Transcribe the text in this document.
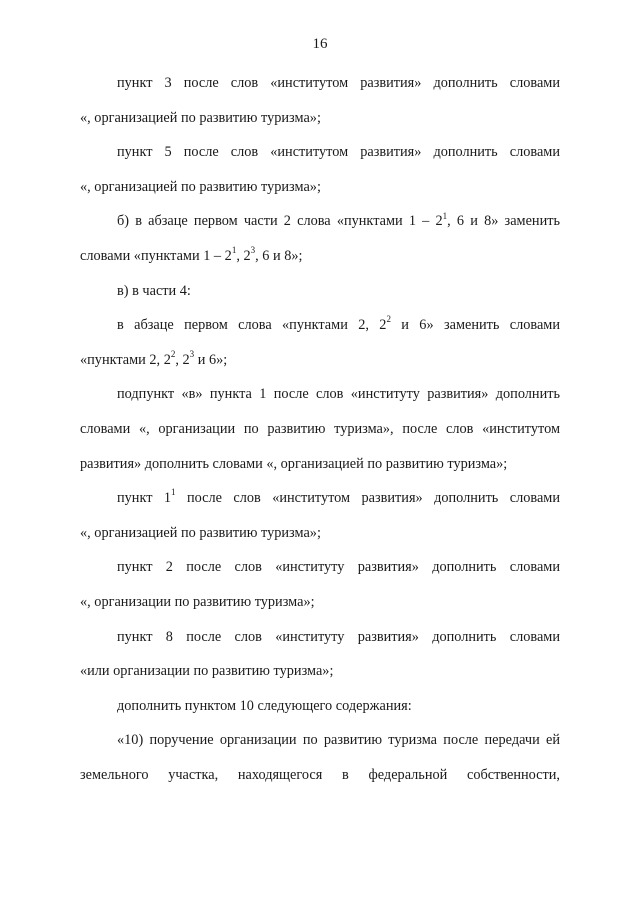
16

пункт 3 после слов «институтом развития» дополнить словами
«, организацией по развитию туризма»;

пункт 5 после слов «институтом развития» дополнить словами
«, организацией по развитию туризма»;

б) в абзаце первом части 2 слова «пунктами $1 - 2^1$, 6 и 8» заменить
словами «пунктами $1 - 2^1$, $2^3$, 6 и 8»;

в) в части 4:

в абзаце первом слова «пунктами 2, $2^2$ и 6» заменить словами
«пунктами 2, $2^2$, $2^3$ и 6»;

подпункт «в» пункта 1 после слов «институту развития» дополнить
словами «, организации по развитию туризма», после слов «институтом
развития» дополнить словами «, организацией по развитию туризма»;

пункт $1^1$ после слов «институтом развития» дополнить словами
«, организацией по развитию туризма»;

пункт 2 после слов «институту развития» дополнить словами
«, организации по развитию туризма»;

пункт 8 после слов «институту развития» дополнить словами
«или организации по развитию туризма»;

дополнить пунктом 10 следующего содержания:

«10) поручение организации по развитию туризма после передачи ей
земельного участка, находящегося в федеральной собственности,
